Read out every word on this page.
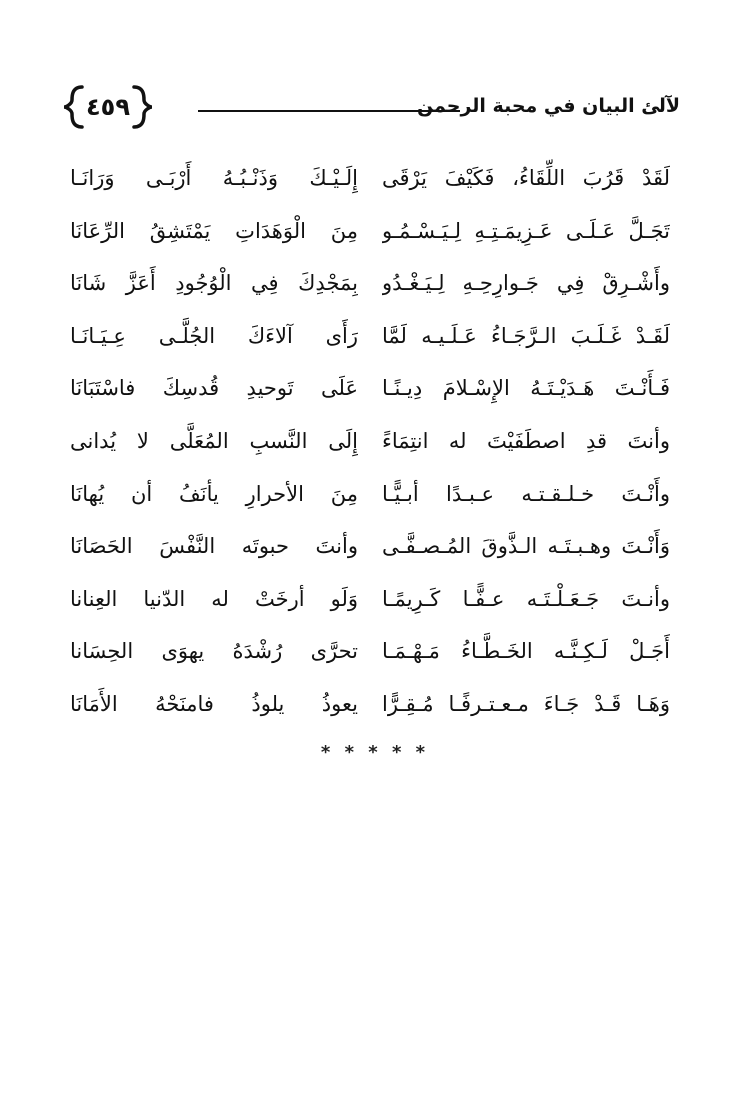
٤٥٩	لآلئ البيان في محبة الرحمن
لَقَدْ قَرُبَ اللِّقَاءُ، فَكَيْفَ يَرْقَى
إِلَـيْـكَ وَذَنْـبُـهُ أَرْبَـى وَرَانَـا
تَجَـلَّ عَـلَـى عَـزِيمَـتِـهِ لِـيَـسْـمُـو
مِنَ الْوَهَدَاتِ يَمْتَشِقُ الرِّعَانَا
وأَشْـرِقْ فِي جَـوارِحِـهِ لِـيَـغْـدُو
بِمَجْدِكَ فِي الْوُجُودِ أَعَزَّ شَانَا
لَقَـدْ غَـلَـبَ الـرَّجَـاءُ عَـلَـيـه لَمَّا
رَأَى آلاءَكَ الجُلَّـى عِـيَـانَـا
فَـأَنْـتَ هَـدَيْـتَـهُ الإِسْـلامَ دِيـنًـا
عَلَى تَوحيدِ قُدسِكَ فاسْتَبَانَا
وأنتَ قدِ اصطَفَيْتَ له انتِمَاءً
إِلَى النَّسبِ المُعَلَّى لا يُدانى
وأَنْـتَ خـلـقـتـه عـبـدًا أبـيًّـا
مِنَ الأحرارِ يأنَفُ أن يُهانَا
وَأَنْـتَ وهـبـتَـه الـذَّوقَ المُـصـفَّـى
وأنتَ حبوتَه النَّفْسَ الحَصَانَا
وأنـتَ جَـعَـلْـتَـه عـفًّـا كَـرِيمًـا
وَلَو أرخَتْ له الدّنيا العِنانا
أَجَـلْ لَـكِـنَّـه الخَـطَّـاءُ مَـهْـمَـا
تحرَّى رُشْدَهُ يهوَى الحِسَانا
وَهَـا قَـدْ جَـاءَ مـعـتـرفًـا مُـقِـرًّا
يعوذُ يلوذُ فامنَحْهُ الأَمَانَا
* * * * *
